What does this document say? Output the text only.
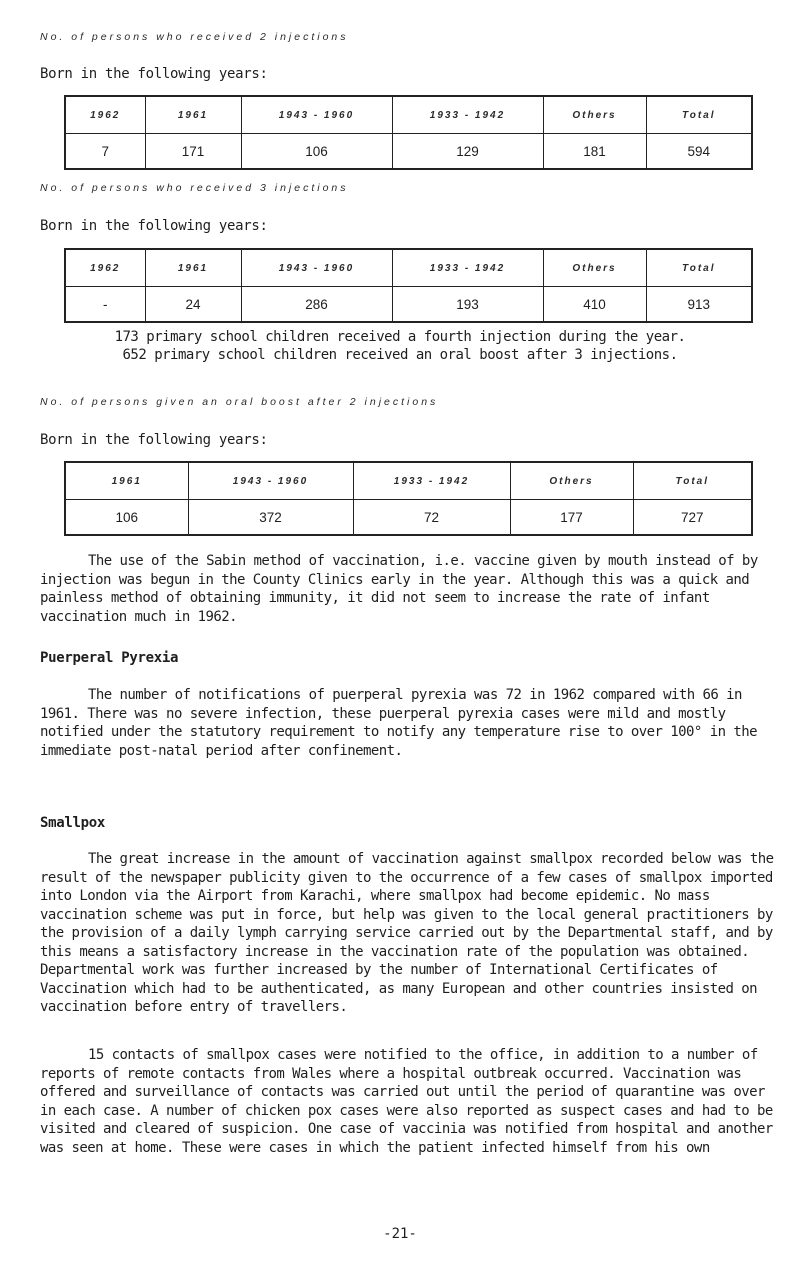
No. of persons who received 2 injections
Born in the following years:
1962	1961	1943 - 1960	1933 - 1942	Others	Total
7	171	106	129	181	594
No. of persons who received 3 injections
Born in the following years:
1962	1961	1943 - 1960	1933 - 1942	Others	Total
-	24	286	193	410	913
173 primary school children received a fourth injection during the year.
652 primary school children received an oral boost after 3 injections.
No. of persons given an oral boost after 2 injections
Born in the following years:
1961	1943 - 1960	1933 - 1942	Others	Total
106	372	72	177	727

The use of the Sabin method of vaccination, i.e. vaccine given by mouth instead of by injection was begun in the County Clinics early in the year. Although this was a quick and painless method of obtaining immunity, it did not seem to increase the rate of infant vaccination much in 1962.

Puerperal Pyrexia

The number of notifications of puerperal pyrexia was 72 in 1962 compared with 66 in 1961. There was no severe infection, these puerperal pyrexia cases were mild and mostly notified under the statutory requirement to notify any temperature rise to over 100° in the immediate post-natal period after confinement.

Smallpox

The great increase in the amount of vaccination against smallpox recorded below was the result of the newspaper publicity given to the occurrence of a few cases of smallpox imported into London via the Airport from Karachi, where smallpox had become epidemic. No mass vaccination scheme was put in force, but help was given to the local general practitioners by the provision of a daily lymph carrying service carried out by the Departmental staff, and by this means a satisfactory increase in the vaccination rate of the population was obtained. Departmental work was further increased by the number of International Certificates of Vaccination which had to be authenticated, as many European and other countries insisted on vaccination before entry of travellers.

15 contacts of smallpox cases were notified to the office, in addition to a number of reports of remote contacts from Wales where a hospital outbreak occurred. Vaccination was offered and surveillance of contacts was carried out until the period of quarantine was over in each case. A number of chicken pox cases were also reported as suspect cases and had to be visited and cleared of suspicion. One case of vaccinia was notified from hospital and another was seen at home. These were cases in which the patient infected himself from his own

-21-
